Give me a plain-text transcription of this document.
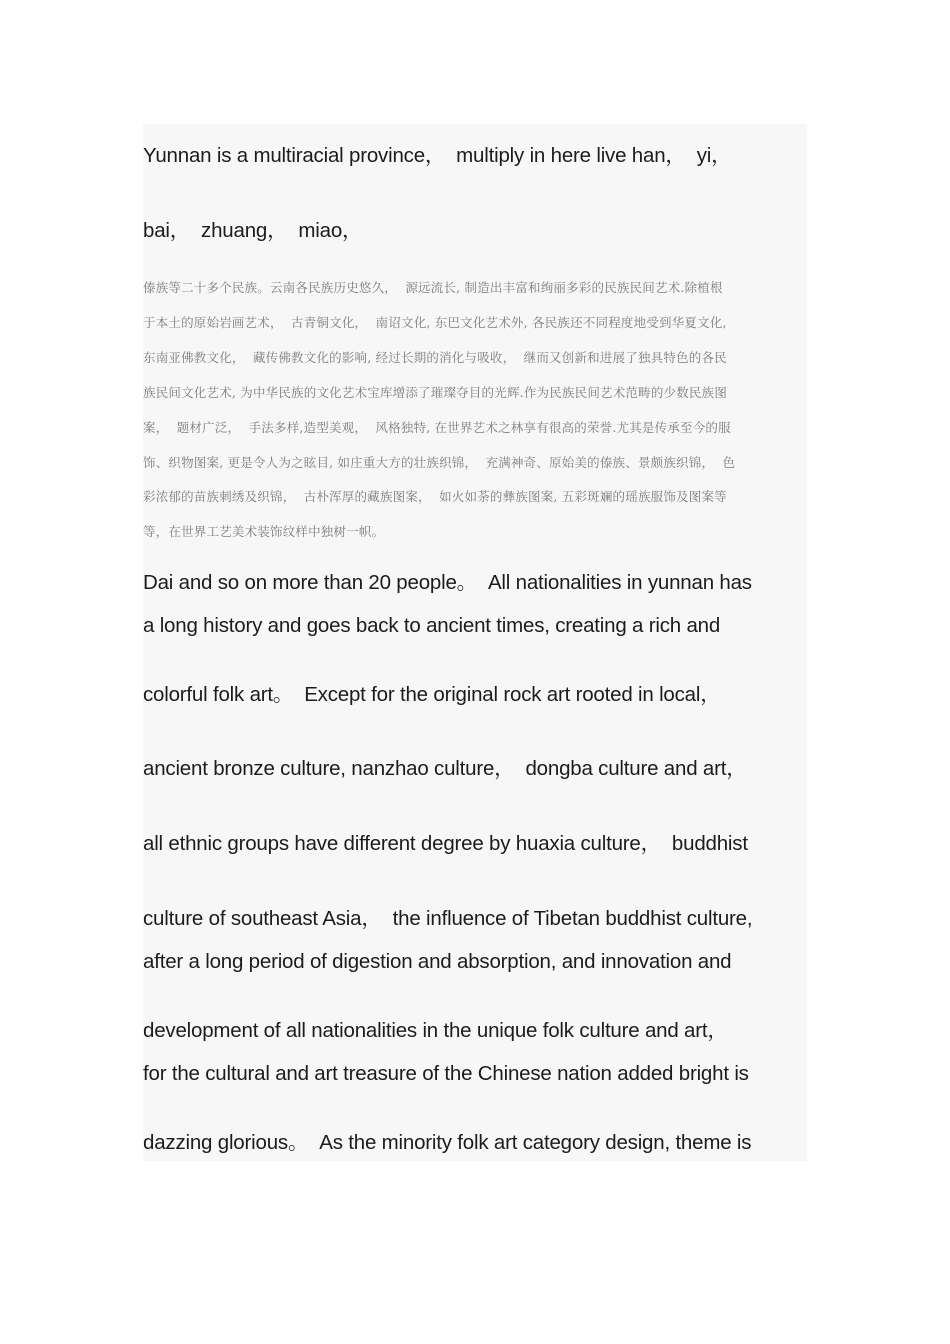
Yunnan is a multiracial province，  multiply in here live han，  yi，

bai，  zhuang，  miao，

傣族等二十多个民族。云南各民族历史悠久，  源远流长, 制造出丰富和绚丽多彩的民族民间艺术.除植根

于本土的原始岩画艺术，  古青铜文化，  南诏文化, 东巴文化艺术外, 各民族还不同程度地受到华夏文化,

东南亚佛教文化，  藏传佛教文化的影响, 经过长期的消化与吸收，  继而又创新和进展了独具特色的各民

族民间文化艺术, 为中华民族的文化艺术宝库增添了璀璨夺目的光辉.作为民族民间艺术范畴的少数民族图

案，  题材广泛，  手法多样,造型美观，  风格独特, 在世界艺术之林享有很高的荣誉.尤其是传承至今的服

饰、织物图案, 更是令人为之眩目, 如庄重大方的壮族织锦，  充满神奇、原始美的傣族、景颇族织锦，  色

彩浓郁的苗族刺绣及织锦，  古朴浑厚的藏族图案，  如火如荼的彝族图案, 五彩斑斓的瑶族服饰及图案等

等，在世界工艺美术装饰纹样中独树一帜。

Dai and so on more than 20 people。  All nationalities in yunnan has

a long history and goes back to ancient times, creating a rich and

colorful folk art。  Except for the original rock art rooted in local，

ancient bronze culture, nanzhao culture，  dongba culture and art，

all ethnic groups have different degree by huaxia culture，  buddhist

culture of southeast Asia，  the influence of Tibetan buddhist culture,

after a long period of digestion and absorption, and innovation and

development of all nationalities in the unique folk culture and art，

for the cultural and art treasure of the Chinese nation added bright is

dazzing glorious。  As the minority folk art category design, theme is
